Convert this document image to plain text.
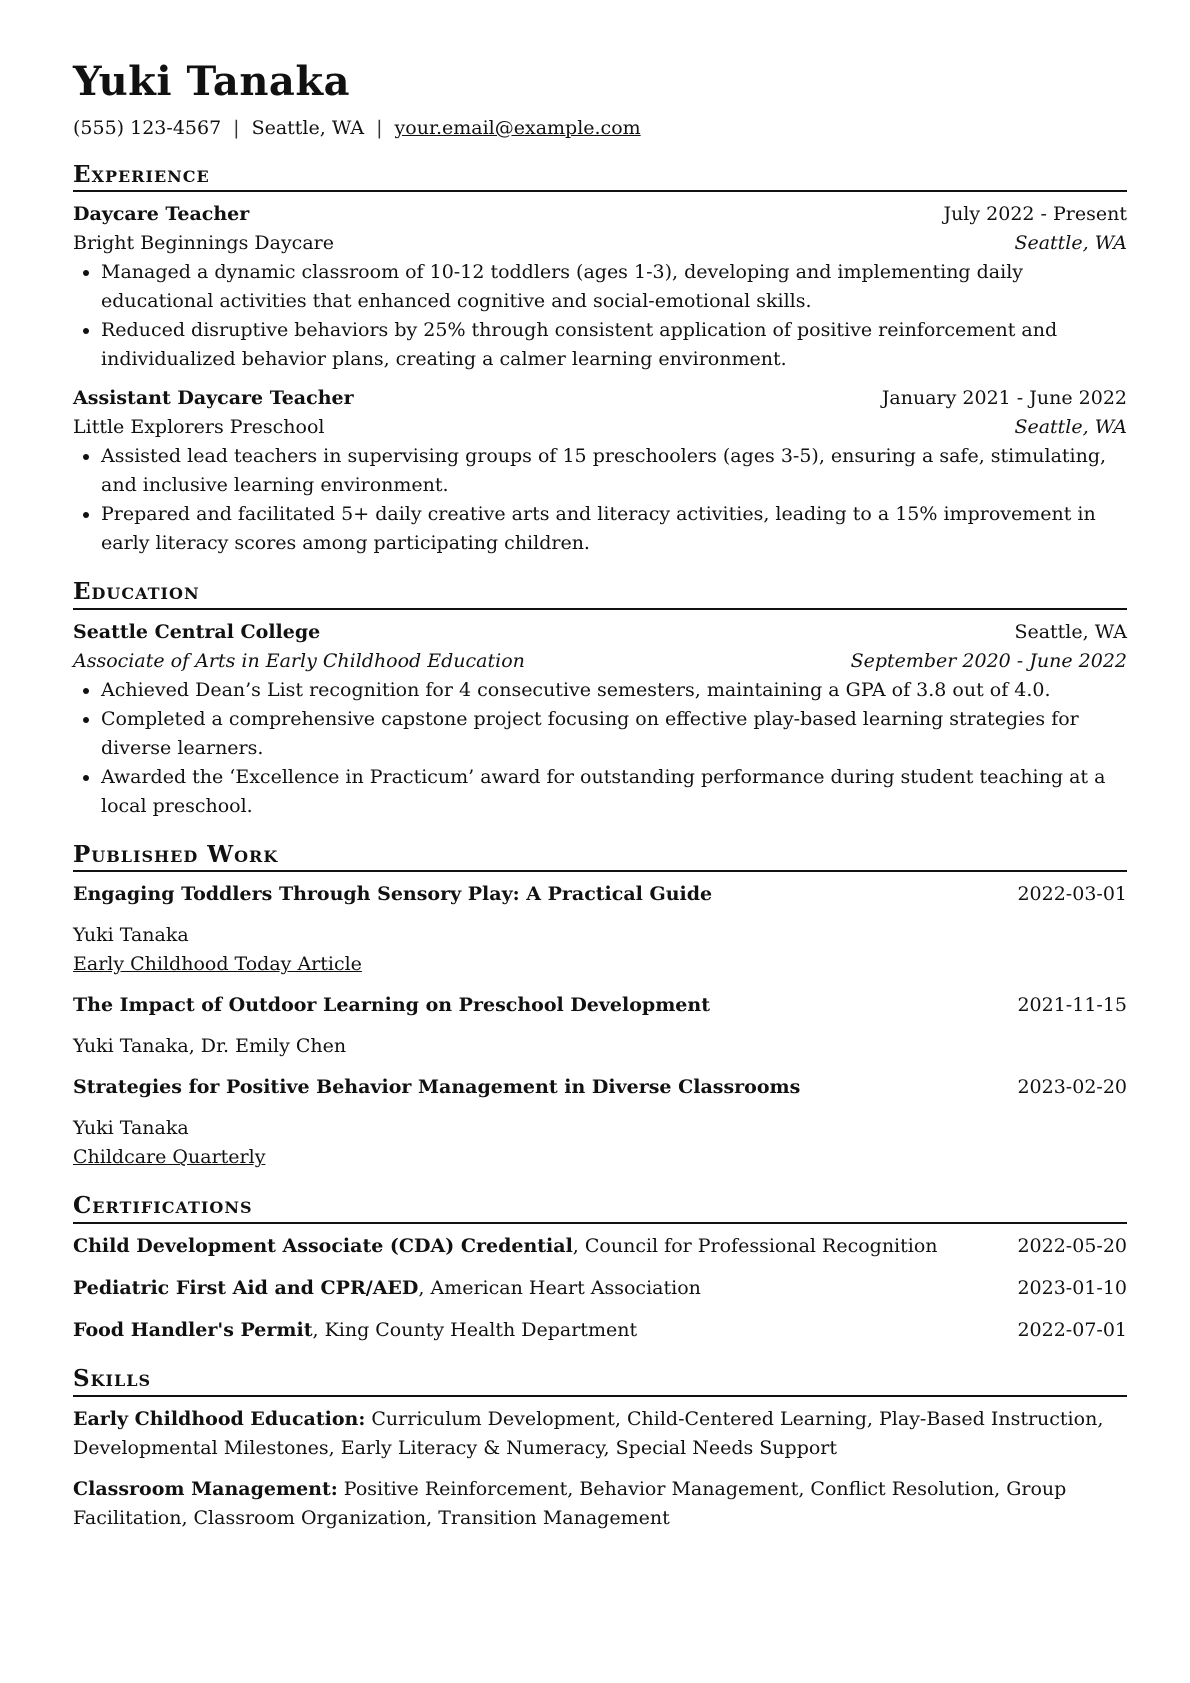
Yuki Tanaka
(555) 123-4567 | Seattle, WA | your.email@example.com
Experience
Daycare Teacher	July 2022 - Present
Bright Beginnings Daycare	Seattle, WA
• Managed a dynamic classroom of 10-12 toddlers (ages 1-3), developing and implementing daily educational activities that enhanced cognitive and social-emotional skills.
• Reduced disruptive behaviors by 25% through consistent application of positive reinforcement and individualized behavior plans, creating a calmer learning environment.
Assistant Daycare Teacher	January 2021 - June 2022
Little Explorers Preschool	Seattle, WA
• Assisted lead teachers in supervising groups of 15 preschoolers (ages 3-5), ensuring a safe, stimulating, and inclusive learning environment.
• Prepared and facilitated 5+ daily creative arts and literacy activities, leading to a 15% improvement in early literacy scores among participating children.
Education
Seattle Central College	Seattle, WA
Associate of Arts in Early Childhood Education	September 2020 - June 2022
• Achieved Dean’s List recognition for 4 consecutive semesters, maintaining a GPA of 3.8 out of 4.0.
• Completed a comprehensive capstone project focusing on effective play-based learning strategies for diverse learners.
• Awarded the ‘Excellence in Practicum’ award for outstanding performance during student teaching at a local preschool.
Published Work
Engaging Toddlers Through Sensory Play: A Practical Guide	2022-03-01
Yuki Tanaka
Early Childhood Today Article
The Impact of Outdoor Learning on Preschool Development	2021-11-15
Yuki Tanaka, Dr. Emily Chen
Strategies for Positive Behavior Management in Diverse Classrooms	2023-02-20
Yuki Tanaka
Childcare Quarterly
Certifications
Child Development Associate (CDA) Credential, Council for Professional Recognition	2022-05-20
Pediatric First Aid and CPR/AED, American Heart Association	2023-01-10
Food Handler's Permit, King County Health Department	2022-07-01
Skills
Early Childhood Education: Curriculum Development, Child-Centered Learning, Play-Based Instruction, Developmental Milestones, Early Literacy & Numeracy, Special Needs Support
Classroom Management: Positive Reinforcement, Behavior Management, Conflict Resolution, Group Facilitation, Classroom Organization, Transition Management
